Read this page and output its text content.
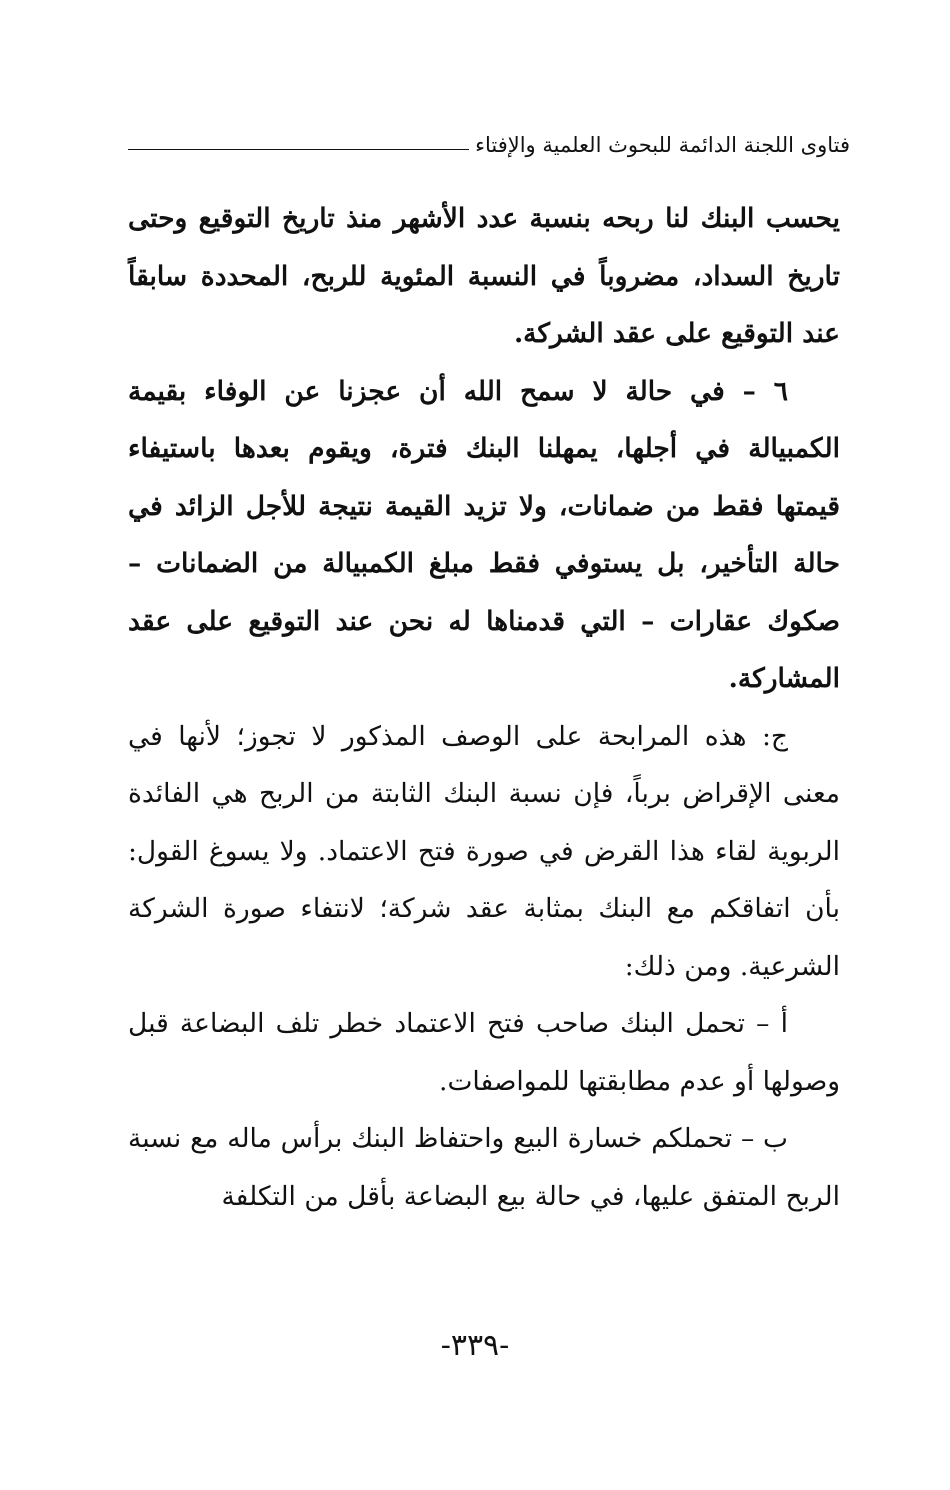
فتاوى اللجنة الدائمة للبحوث العلمية والإفتاء

يحسب البنك لنا ربحه بنسبة عدد الأشهر منذ تاريخ التوقيع وحتى تاريخ السداد، مضروباً في النسبة المئوية للربح، المحددة سابقاً عند التوقيع على عقد الشركة.

٦ – في حالة لا سمح الله أن عجزنا عن الوفاء بقيمة الكمبيالة في أجلها، يمهلنا البنك فترة، ويقوم بعدها باستيفاء قيمتها فقط من ضمانات، ولا تزيد القيمة نتيجة للأجل الزائد في حالة التأخير، بل يستوفي فقط مبلغ الكمبيالة من الضمانات – صكوك عقارات – التي قدمناها له نحن عند التوقيع على عقد المشاركة.

ج: هذه المرابحة على الوصف المذكور لا تجوز؛ لأنها في معنى الإقراض برباً، فإن نسبة البنك الثابتة من الربح هي الفائدة الربوية لقاء هذا القرض في صورة فتح الاعتماد. ولا يسوغ القول: بأن اتفاقكم مع البنك بمثابة عقد شركة؛ لانتفاء صورة الشركة الشرعية. ومن ذلك:

أ – تحمل البنك صاحب فتح الاعتماد خطر تلف البضاعة قبل وصولها أو عدم مطابقتها للمواصفات.

ب – تحملكم خسارة البيع واحتفاظ البنك برأس ماله مع نسبة الربح المتفق عليها، في حالة بيع البضاعة بأقل من التكلفة

-٣٣٩-
